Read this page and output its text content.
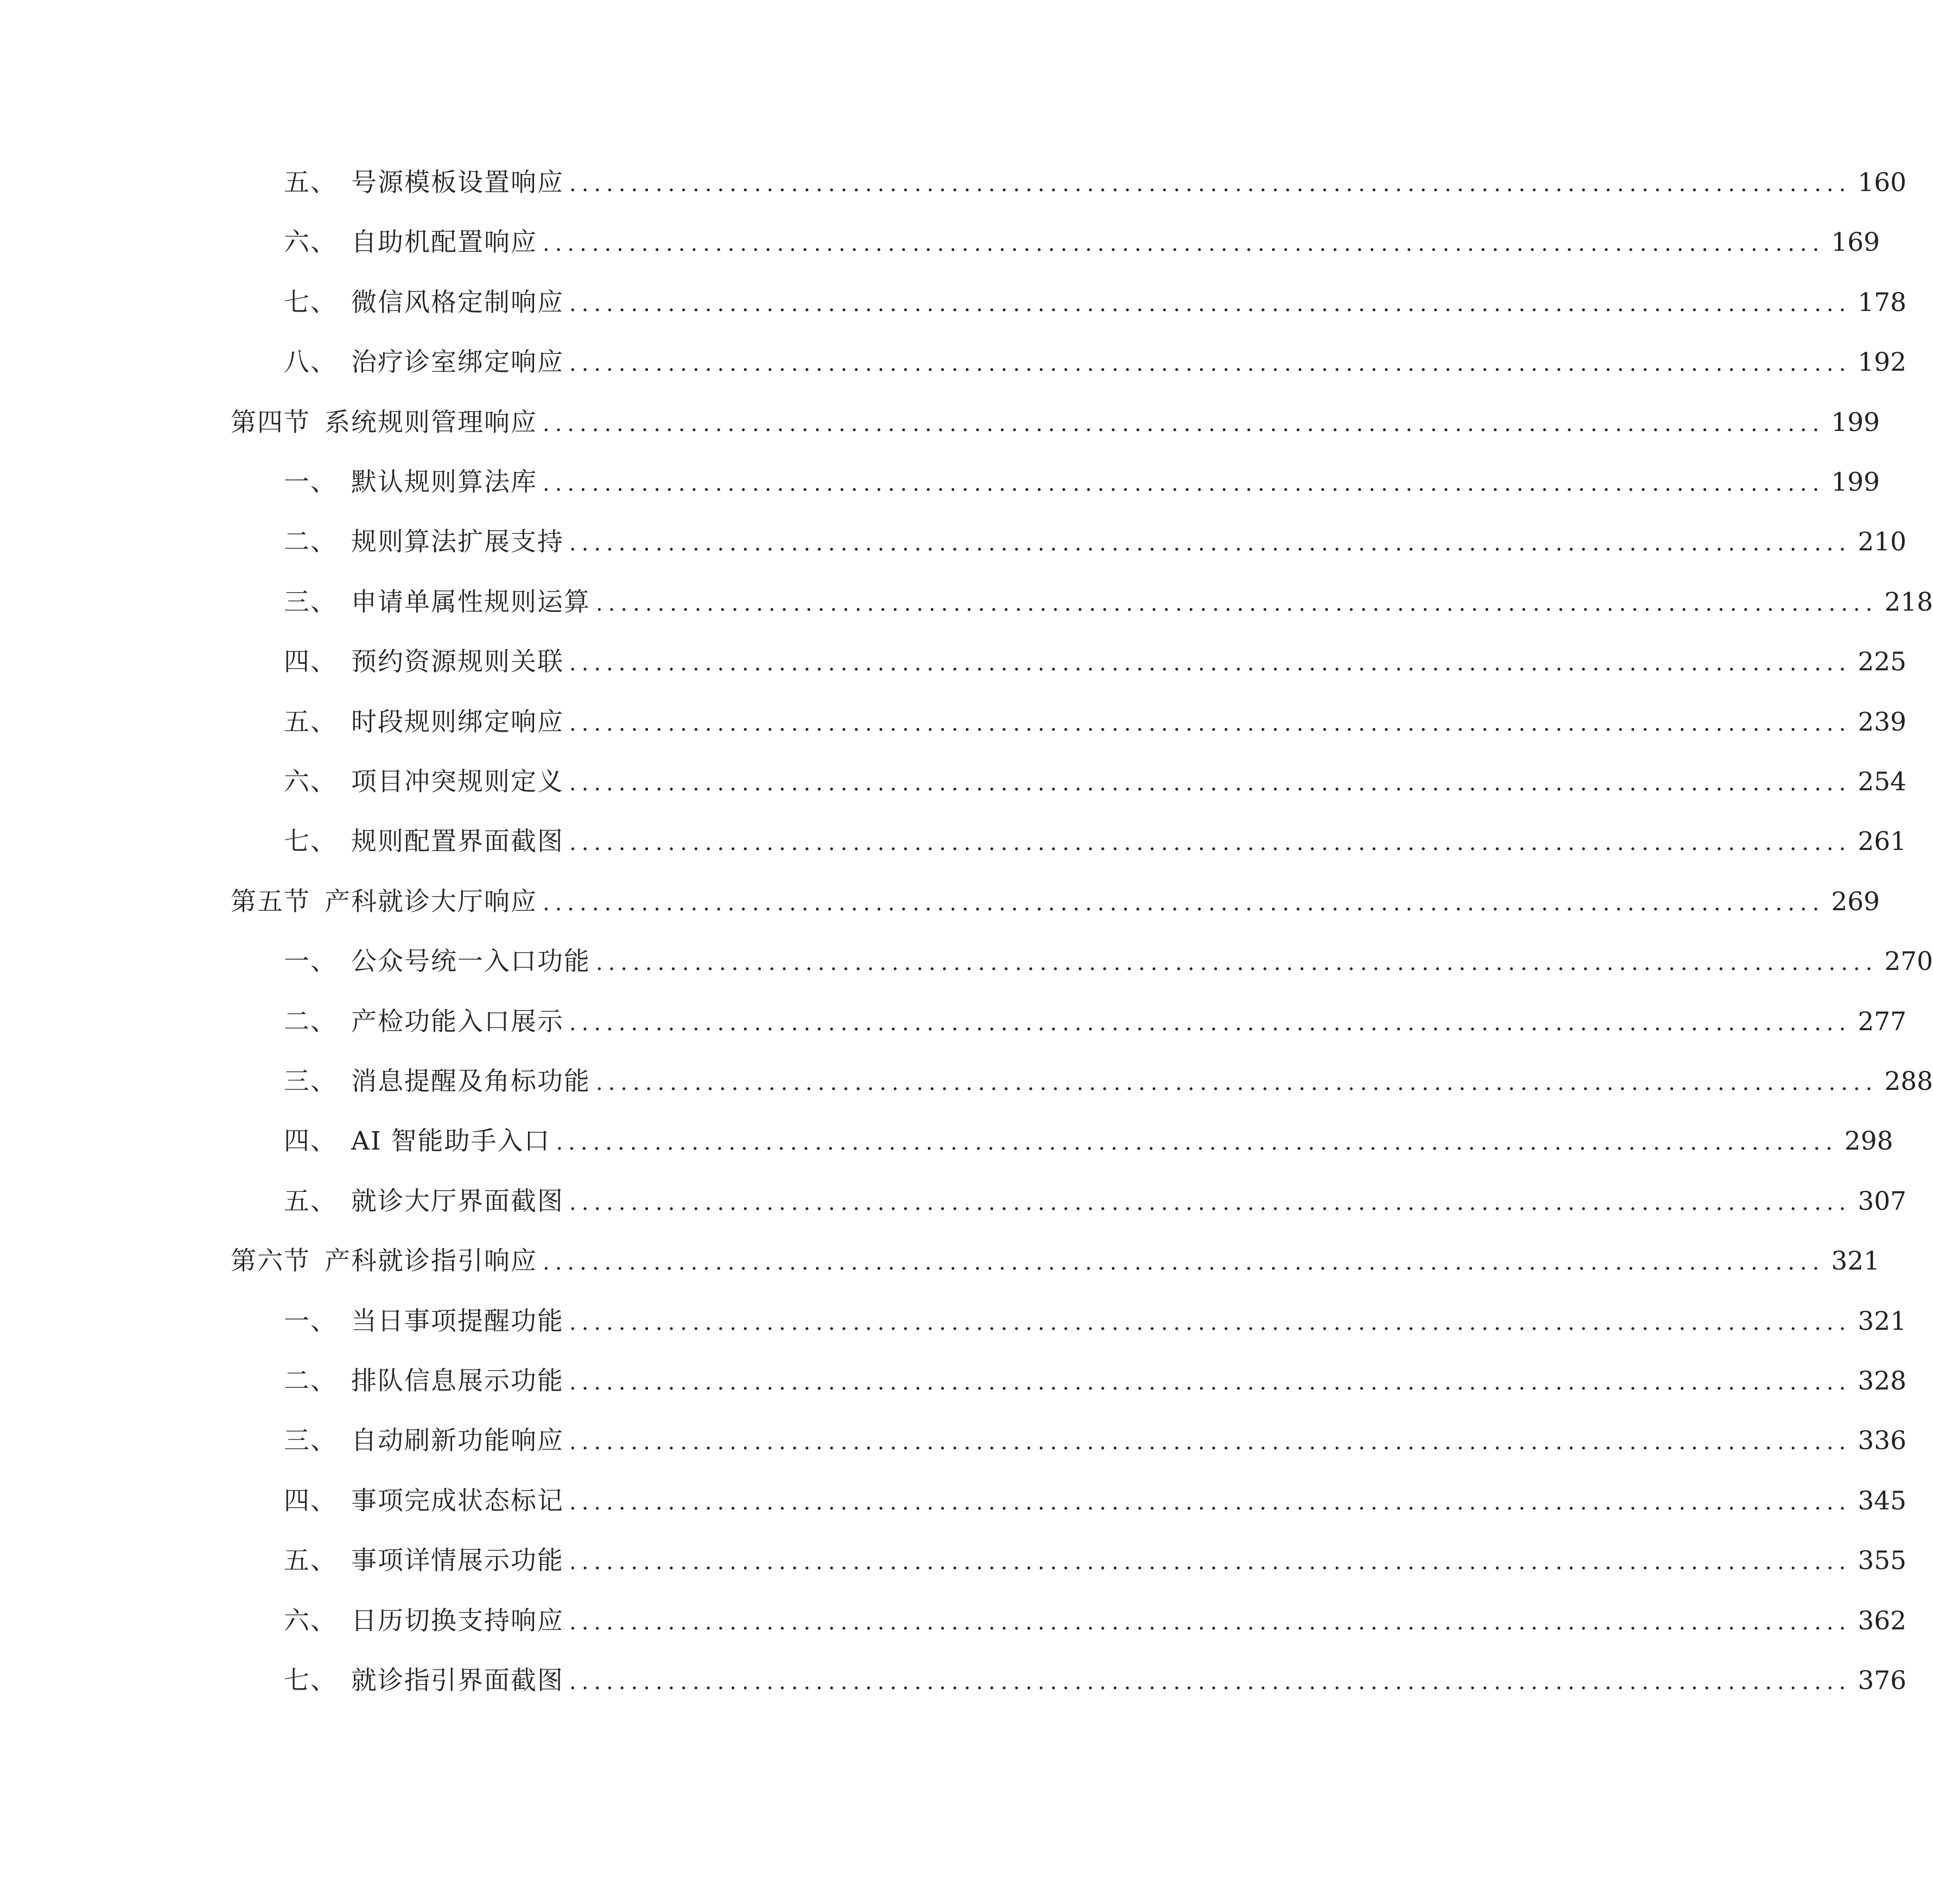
五、 号源模板设置响应 ........................................................................................................ 160
六、 自助机配置响应 ........................................................................................................ 169
七、 微信风格定制响应 ........................................................................................................ 178
八、 治疗诊室绑定响应 ........................................................................................................ 192
第四节 系统规则管理响应 ........................................................................................................ 199
一、 默认规则算法库 ........................................................................................................ 199
二、 规则算法扩展支持 ........................................................................................................ 210
三、 申请单属性规则运算 ........................................................................................................ 218
四、 预约资源规则关联 ........................................................................................................ 225
五、 时段规则绑定响应 ........................................................................................................ 239
六、 项目冲突规则定义 ........................................................................................................ 254
七、 规则配置界面截图 ........................................................................................................ 261
第五节 产科就诊大厅响应 ........................................................................................................ 269
一、 公众号统一入口功能 ........................................................................................................ 270
二、 产检功能入口展示 ........................................................................................................ 277
三、 消息提醒及角标功能 ........................................................................................................ 288
四、 AI 智能助手入口 ........................................................................................................ 298
五、 就诊大厅界面截图 ........................................................................................................ 307
第六节 产科就诊指引响应 ........................................................................................................ 321
一、 当日事项提醒功能 ........................................................................................................ 321
二、 排队信息展示功能 ........................................................................................................ 328
三、 自动刷新功能响应 ........................................................................................................ 336
四、 事项完成状态标记 ........................................................................................................ 345
五、 事项详情展示功能 ........................................................................................................ 355
六、 日历切换支持响应 ........................................................................................................ 362
七、 就诊指引界面截图 ........................................................................................................ 376
